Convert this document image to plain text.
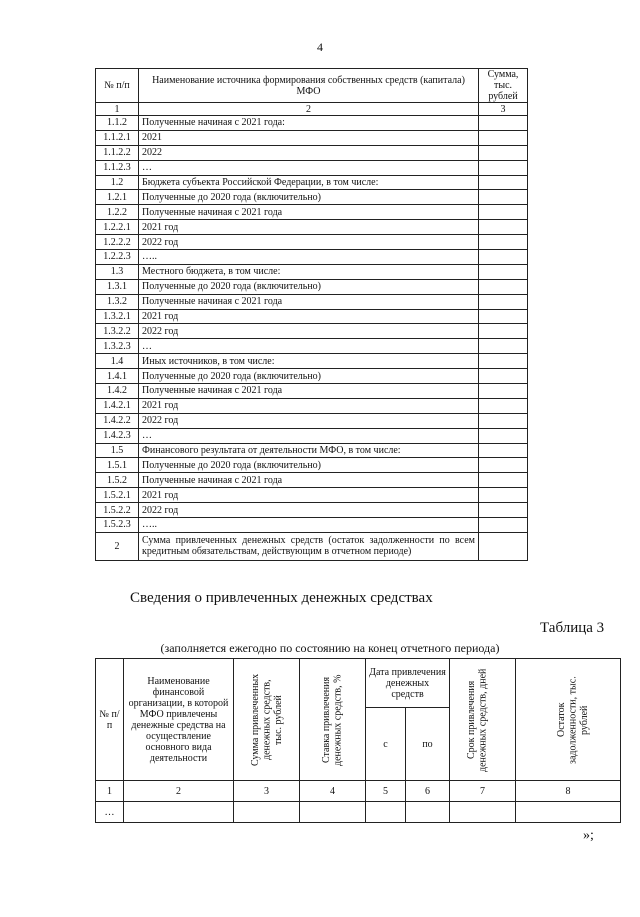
4
№ п/п	Наименование источника формирования собственных средств (капитала) МФО	Сумма, тыс. рублей
1	2	3
1.1.2	Полученные начиная с 2021 года:	
1.1.2.1	2021	
1.1.2.2	2022	
1.1.2.3	…	
1.2	Бюджета субъекта Российской Федерации, в том числе:	
1.2.1	Полученные до 2020 года (включительно)	
1.2.2	Полученные начиная с 2021 года	
1.2.2.1	2021 год	
1.2.2.2	2022 год	
1.2.2.3	…..	
1.3	Местного бюджета, в том числе:	
1.3.1	Полученные до 2020 года (включительно)	
1.3.2	Полученные начиная с 2021 года	
1.3.2.1	2021 год	
1.3.2.2	2022 год	
1.3.2.3	…	
1.4	Иных источников, в том числе:	
1.4.1	Полученные до 2020 года (включительно)	
1.4.2	Полученные начиная с 2021 года	
1.4.2.1	2021 год	
1.4.2.2	2022 год	
1.4.2.3	…	
1.5	Финансового результата от деятельности МФО, в том числе:	
1.5.1	Полученные до 2020 года (включительно)	
1.5.2	Полученные начиная с 2021 года	
1.5.2.1	2021 год	
1.5.2.2	2022 год	
1.5.2.3	…..	
2	Сумма привлеченных денежных средств (остаток задолженности по всем кредитным обязательствам, действующим в отчетном периоде)	
Сведения о привлеченных денежных средствах
Таблица 3
(заполняется ежегодно по состоянию на конец отчетного периода)
№ п/п	Наименование финансовой организации, в которой МФО привлечены денежные средства на осуществление основного вида деятельности	Сумма привлеченных денежных средств, тыс. рублей	Ставка привлечения денежных средств, %	Дата привлечения денежных средств		Срок привлечения денежных средств, дней	Остаток задолженности, тыс. рублей

				с	по		
1	2	3	4	5	6	7	8
…							
»;
